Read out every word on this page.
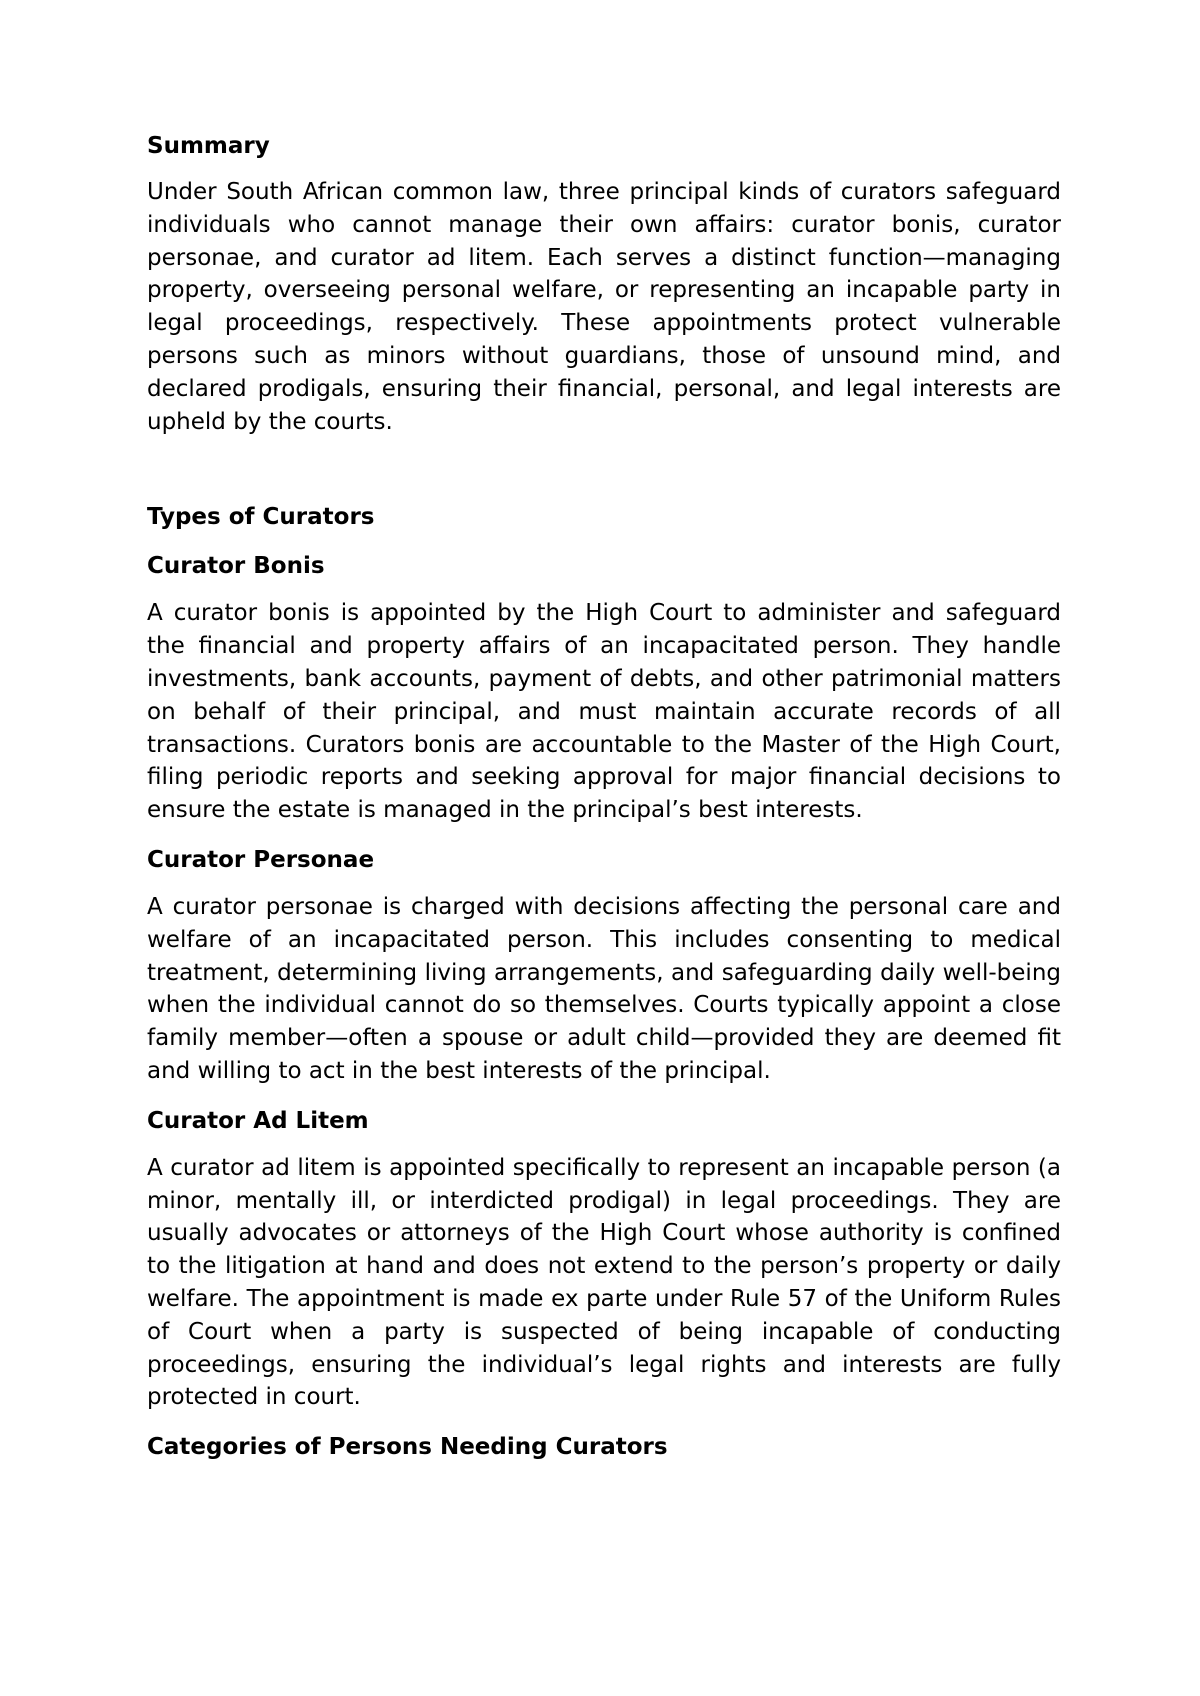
Summary

Under South African common law, three principal kinds of curators safeguard individuals who cannot manage their own affairs: curator bonis, curator personae, and curator ad litem. Each serves a distinct function—managing property, overseeing personal welfare, or representing an incapable party in legal proceedings, respectively. These appointments protect vulnerable persons such as minors without guardians, those of unsound mind, and declared prodigals, ensuring their financial, personal, and legal interests are upheld by the courts.

Types of Curators
Curator Bonis

A curator bonis is appointed by the High Court to administer and safeguard the financial and property affairs of an incapacitated person. They handle investments, bank accounts, payment of debts, and other patrimonial matters on behalf of their principal, and must maintain accurate records of all transactions. Curators bonis are accountable to the Master of the High Court, filing periodic reports and seeking approval for major financial decisions to ensure the estate is managed in the principal’s best interests.

Curator Personae

A curator personae is charged with decisions affecting the personal care and welfare of an incapacitated person. This includes consenting to medical treatment, determining living arrangements, and safeguarding daily well-being when the individual cannot do so themselves. Courts typically appoint a close family member—often a spouse or adult child—provided they are deemed fit and willing to act in the best interests of the principal.

Curator Ad Litem

A curator ad litem is appointed specifically to represent an incapable person (a minor, mentally ill, or interdicted prodigal) in legal proceedings. They are usually advocates or attorneys of the High Court whose authority is confined to the litigation at hand and does not extend to the person’s property or daily welfare. The appointment is made ex parte under Rule 57 of the Uniform Rules of Court when a party is suspected of being incapable of conducting proceedings, ensuring the individual’s legal rights and interests are fully protected in court.

Categories of Persons Needing Curators
